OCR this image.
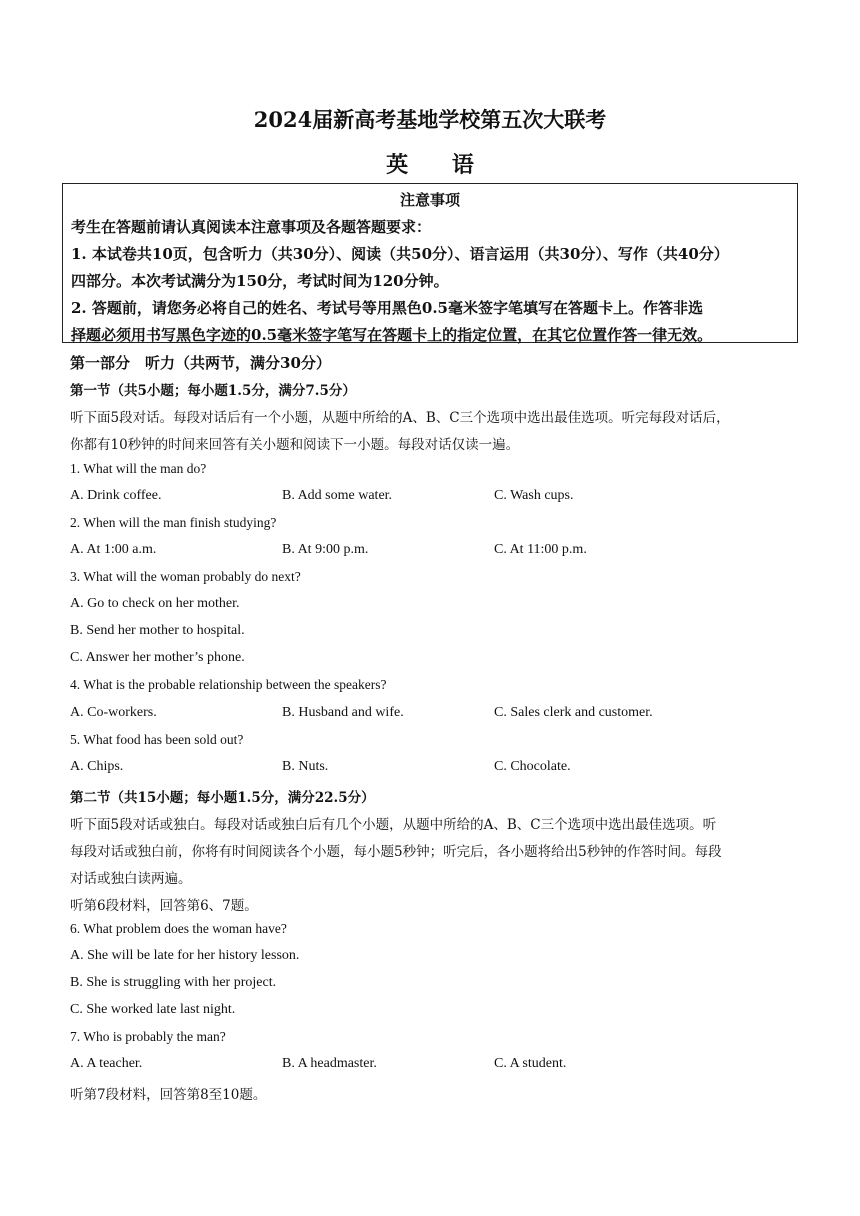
2024届新高考基地学校第五次大联考
英 语
注意事项
考生在答题前请认真阅读本注意事项及各题答题要求：
1. 本试卷共10页，包含听力（共30分）、阅读（共50分）、语言运用（共30分）、写作（共40分）
四部分。本次考试满分为150分，考试时间为120分钟。
2. 答题前，请您务必将自己的姓名、考试号等用黑色0.5毫米签字笔填写在答题卡上。作答非选
择题必须用书写黑色字迹的0.5毫米签字笔写在答题卡上的指定位置，在其它位置作答一律无效。
第一部分　听力（共两节，满分30分）
第一节（共5小题；每小题1.5分，满分7.5分）
听下面5段对话。每段对话后有一个小题，从题中所给的A、B、C三个选项中选出最佳选项。听完每段对话后，
你都有10秒钟的时间来回答有关小题和阅读下一小题。每段对话仅读一遍。
1. What will the man do?
A. Drink coffee.	B. Add some water.	C. Wash cups.
2. When will the man finish studying?
A. At 1:00 a.m.	B. At 9:00 p.m.	C. At 11:00 p.m.
3. What will the woman probably do next?
A. Go to check on her mother.
B. Send her mother to hospital.
C. Answer her mother’s phone.
4. What is the probable relationship between the speakers?
A. Co-workers.	B. Husband and wife.	C. Sales clerk and customer.
5. What food has been sold out?
A. Chips.	B. Nuts.	C. Chocolate.
第二节（共15小题；每小题1.5分，满分22.5分）
听下面5段对话或独白。每段对话或独白后有几个小题，从题中所给的A、B、C三个选项中选出最佳选项。听
每段对话或独白前，你将有时间阅读各个小题，每小题5秒钟；听完后，各小题将给出5秒钟的作答时间。每段
对话或独白读两遍。
听第6段材料，回答第6、7题。
6. What problem does the woman have?
A. She will be late for her history lesson.
B. She is struggling with her project.
C. She worked late last night.
7. Who is probably the man?
A. A teacher.	B. A headmaster.	C. A student.
听第7段材料，回答第8至10题。
